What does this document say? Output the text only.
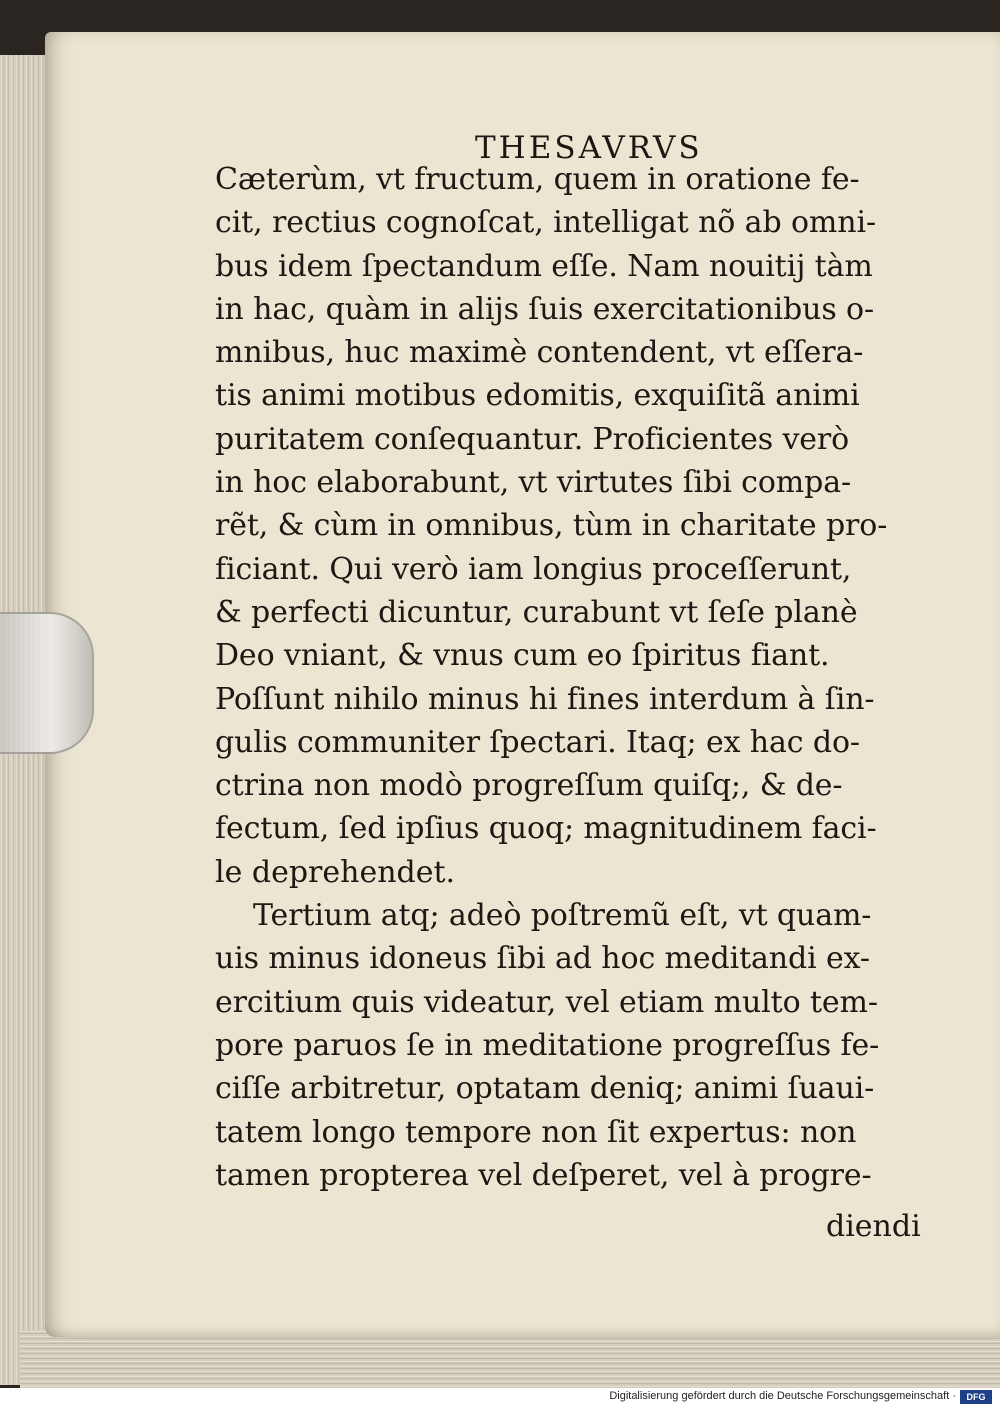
THESAVRVS

Cæterùm, vt fructum, quem in oratione fe-

cit, rectius cognoſcat, intelligat nõ ab omni-

bus idem ſpectandum eſſe. Nam nouitij tàm

in hac, quàm in alijs ſuis exercitationibus o-

mnibus, huc maximè contendent, vt eſſera-

tis animi motibus edomitis, exquiſitã animi

puritatem conſequantur. Proficientes verò

in hoc elaborabunt, vt virtutes ſibi compa-

rẽt, & cùm in omnibus, tùm in charitate pro-

ficiant. Qui verò iam longius proceſſerunt,

& perfecti dicuntur, curabunt vt ſeſe planè

Deo vniant, & vnus cum eo ſpiritus fiant.

Poſſunt nihilo minus hi fines interdum à ſin-

gulis communiter ſpectari. Itaq; ex hac do-

ctrina non modò progreſſum quiſq;, & de-

fectum, ſed ipſius quoq; magnitudinem faci-

le deprehendet.

Tertium atq; adeò poſtremũ eſt, vt quam-

uis minus idoneus ſibi ad hoc meditandi ex-

ercitium quis videatur, vel etiam multo tem-

pore paruos ſe in meditatione progreſſus fe-

ciſſe arbitretur, optatam deniq; animi ſuaui-

tatem longo tempore non ſit expertus: non

tamen propterea vel deſperet, vel à progre-

diendi
Digitalisierung gefördert durch die Deutsche Forschungsgemeinschaft ·	DFG
